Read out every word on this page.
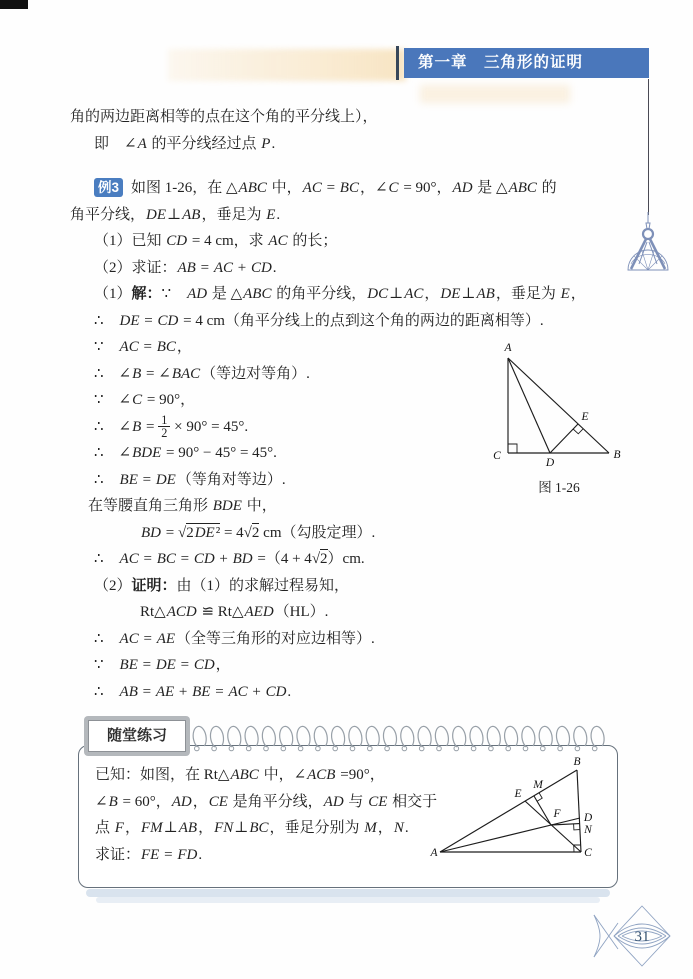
第一章　三角形的证明
角的两边距离相等的点在这个角的平分线上），
即　∠A 的平分线经过点 P.
例3 如图 1-26，在 △ABC 中，AC = BC，∠C = 90°，AD 是 △ABC 的
角平分线，DE⊥AB，垂足为 E.
（1）已知 CD = 4 cm，求 AC 的长；
（2）求证：AB = AC + CD.
（1）解：∵　AD 是 △ABC 的角平分线，DC⊥AC，DE⊥AB，垂足为 E，
∴　DE = CD = 4 cm（角平分线上的点到这个角的两边的距离相等）.
∵　AC = BC，
∴　∠B = ∠BAC（等边对等角）.
∵　∠C = 90°，
∴　∠B = $\frac{1}{2} \times 90^\circ = 45^\circ$.
∴　∠BDE = 90° − 45° = 45°.
∴　BE = DE（等角对等边）.
在等腰直角三角形 BDE 中，
BD = √2DE² = 4√2 cm（勾股定理）.
∴　AC = BC = CD + BD =（4 + 4√2）cm.
（2）证明：由（1）的求解过程易知，
Rt△ACD ≌ Rt△AED（HL）.
∴　AC = AE（全等三角形的对应边相等）.
∵　BE = DE = CD，
∴　AB = AE + BE = AC + CD.
A
C
D
B
E
图 1-26
随堂练习
已知：如图，在 Rt△ABC 中，∠ACB =90°，
∠B = 60°，AD，CE 是角平分线，AD 与 CE 相交于
点 F，FM⊥AB，FN⊥BC，垂足分别为 M，N.
求证：FE = FD.	A
B
C
D
N
E
M
F
31
